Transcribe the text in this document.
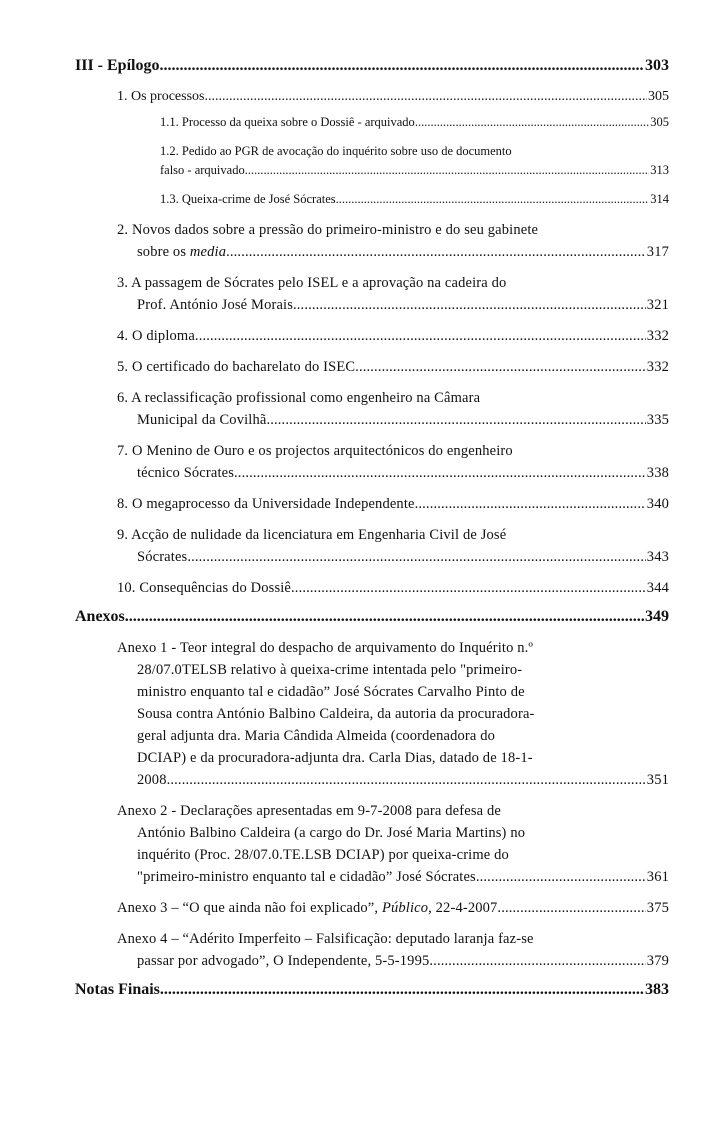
III - Epílogo .....	303
1. Os processos .....	305
1.1. Processo da queixa sobre o Dossiê - arquivado .....	305
1.2. Pedido ao PGR de avocação do inquérito sobre uso de documento
falso - arquivado .....	313
1.3. Queixa-crime de José Sócrates .....	314
2. Novos dados sobre a pressão do primeiro-ministro e do seu gabinete
sobre os media .....	317
3. A passagem de Sócrates pelo ISEL e a aprovação na cadeira do
Prof. António José Morais .....	321
4. O diploma .....	332
5. O certificado do bacharelato do ISEC .....	332
6. A reclassificação profissional como engenheiro na Câmara
Municipal da Covilhã .....	335
7. O Menino de Ouro e os projectos arquitectónicos do engenheiro
técnico Sócrates .....	338
8. O megaprocesso da Universidade Independente .....	340
9. Acção de nulidade da licenciatura em Engenharia Civil de José
Sócrates .....	343
10. Consequências do Dossiê .....	344
Anexos .....	349
Anexo 1 - Teor integral do despacho de arquivamento do Inquérito n.º
28/07.0TELSB relativo à queixa-crime intentada pelo "primeiro-
ministro enquanto tal e cidadão” José Sócrates Carvalho Pinto de
Sousa contra António Balbino Caldeira, da autoria da procuradora-
geral adjunta dra. Maria Cândida Almeida (coordenadora do
DCIAP) e da procuradora-adjunta dra. Carla Dias, datado de 18-1-
2008 .....	351
Anexo 2 - Declarações apresentadas em 9-7-2008 para defesa de
António Balbino Caldeira (a cargo do Dr. José Maria Martins) no
inquérito (Proc. 28/07.0.TE.LSB DCIAP) por queixa-crime do
"primeiro-ministro enquanto tal e cidadão” José Sócrates .....	361
Anexo 3 – “O que ainda não foi explicado”, Público, 22-4-2007 .....	375
Anexo 4 – “Adérito Imperfeito – Falsificação: deputado laranja faz-se
passar por advogado”, O Independente, 5-5-1995 .....	379
Notas Finais .....	383
